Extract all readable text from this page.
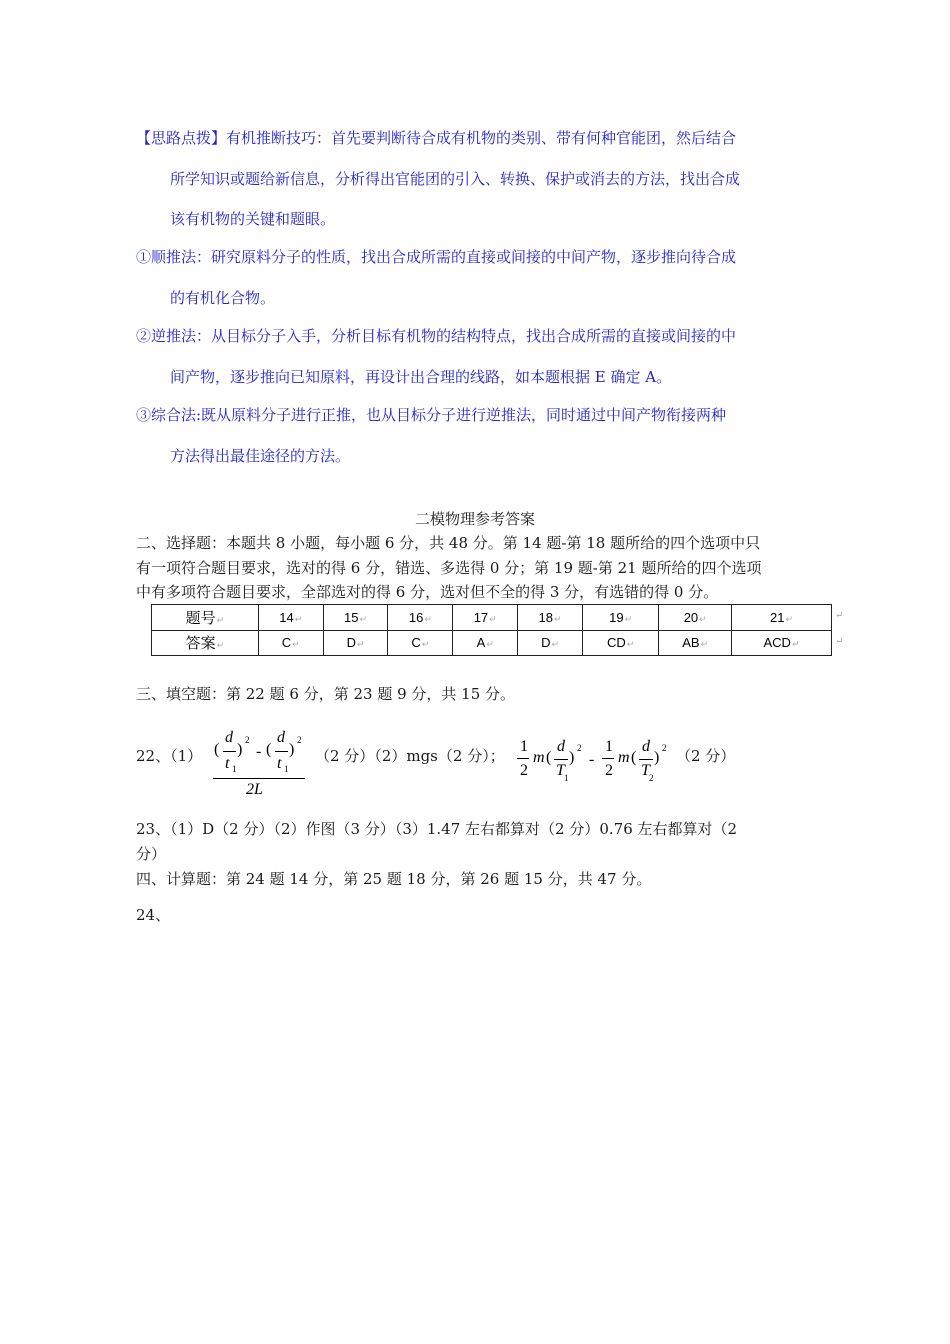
【思路点拨】有机推断技巧：首先要判断待合成有机物的类别、带有何种官能团，然后结合
所学知识或题给新信息，分析得出官能团的引入、转换、保护或消去的方法，找出合成
该有机物的关键和题眼。
①顺推法：研究原料分子的性质，找出合成所需的直接或间接的中间产物，逐步推向待合成
的有机化合物。
②逆推法：从目标分子入手，分析目标有机物的结构特点，找出合成所需的直接或间接的中
间产物，逐步推向已知原料，再设计出合理的线路，如本题根据 E 确定 A。
③综合法:既从原料分子进行正推，也从目标分子进行逆推法，同时通过中间产物衔接两种
方法得出最佳途径的方法。
二模物理参考答案
二、选择题：本题共 8 小题，每小题 6 分，共 48 分。第 14 题-第 18 题所给的四个选项中只
有一项符合题目要求，选对的得 6 分，错选、多选得 0 分；第 19 题-第 21 题所给的四个选项
中有多项符合题目要求，全部选对的得 6 分，选对但不全的得 3 分，有选错的得 0 分。
题号↵	14↵	15↵	16↵	17↵	18↵	19↵	20↵	21↵
答案↵	C↵	D↵	C↵	A↵	D↵	CD↵	AB↵	ACD↵
↵
↵
三、填空题：第 22 题 6 分，第 23 题 9 分，共 15 分。
22、（1） (
d
t 1
)
2
- (
d
t 1
)
2
2L
（2 分）（2）mgs（2 分）；
1
2
m (
d
T 1
)
2
-
1
2
m (
d
T 2
)
2 （2 分）
23、（1）D（2 分）（2）作图（3 分）（3）1.47 左右都算对（2 分）0.76 左右都算对（2
分）
四、计算题：第 24 题 14 分，第 25 题 18 分，第 26 题 15 分，共 47 分。
24、
